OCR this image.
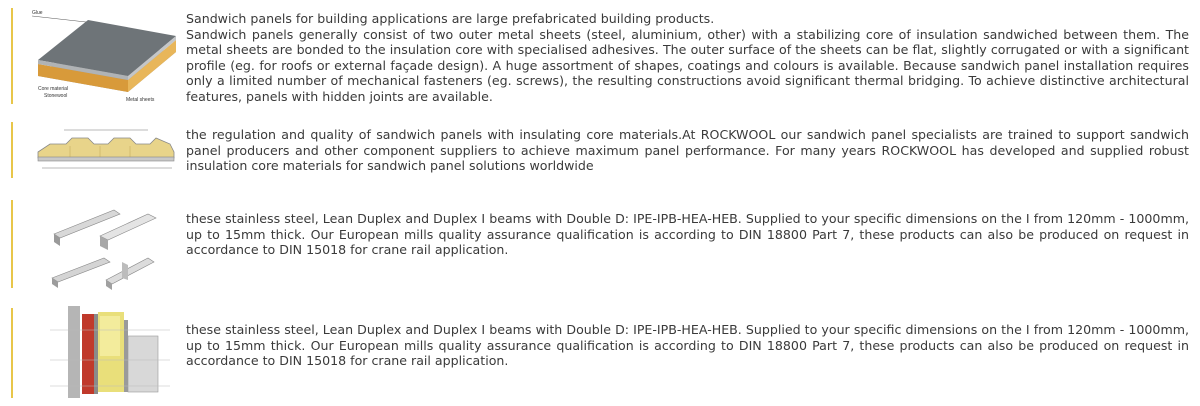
Glue
Core material
Stonewool
Metal sheets
Sandwich panels for building applications are large prefabricated building products.
Sandwich panels generally consist of two outer metal sheets (steel, aluminium, other) with a stabilizing core of insulation sandwiched between them. The metal sheets are bonded to the insulation core with specialised adhesives. The outer surface of the sheets can be flat, slightly corrugated or with a significant profile (eg. for roofs or external façade design). A huge assortment of shapes, coatings and colours is available. Because sandwich panel installation requires only a limited number of mechanical fasteners (eg. screws), the resulting constructions avoid significant thermal bridging. To achieve distinctive architectural features, panels with hidden joints are available.
the regulation and quality of sandwich panels with insulating core materials.At ROCKWOOL our sandwich panel specialists are trained to support sandwich panel producers and other component suppliers to achieve maximum panel performance. For many years ROCKWOOL has developed and supplied robust insulation core materials for sandwich panel solutions worldwide
these stainless steel, Lean Duplex and Duplex I beams with Double D: IPE-IPB-HEA-HEB. Supplied to your specific dimensions on the I from 120mm - 1000mm, up to 15mm thick. Our European mills quality assurance qualification is according to DIN 18800 Part 7, these products can also be produced on request in accordance to DIN 15018 for crane rail application.
these stainless steel, Lean Duplex and Duplex I beams with Double D: IPE-IPB-HEA-HEB. Supplied to your specific dimensions on the I from 120mm - 1000mm, up to 15mm thick. Our European mills quality assurance qualification is according to DIN 18800 Part 7, these products can also be produced on request in accordance to DIN 15018 for crane rail application.
